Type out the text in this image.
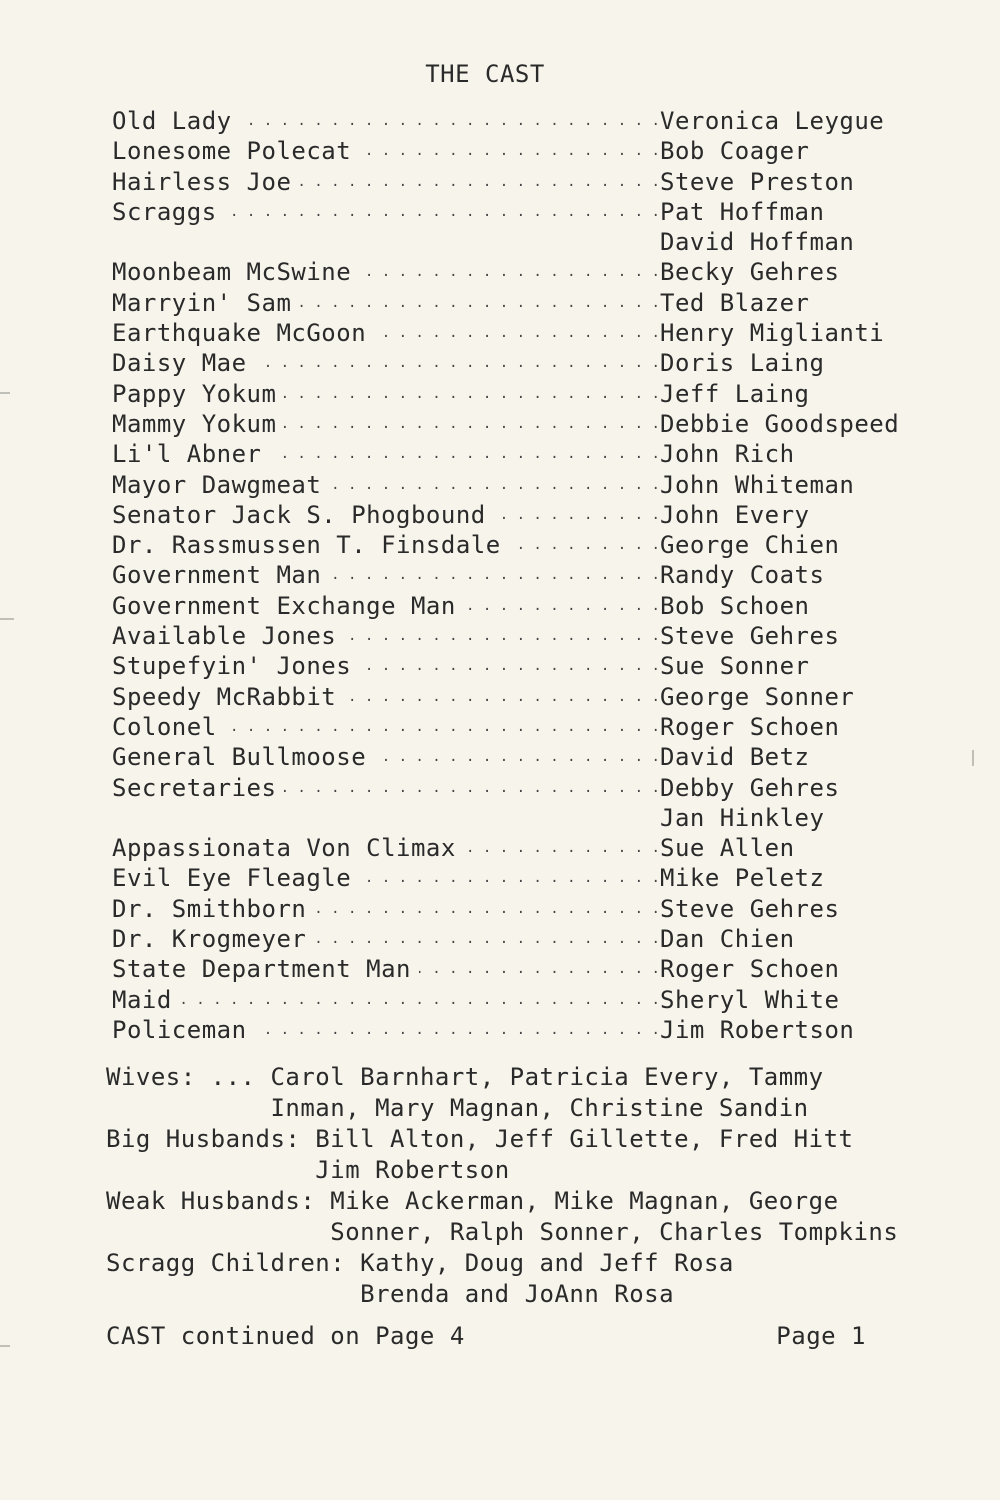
THE CAST
Old Lady . . .	Veronica Leygue
Lonesome Polecat . . .	Bob Coager
Hairless Joe . . .	Steve Preston
Scraggs . . .	Pat Hoffman
David Hoffman
Moonbeam McSwine . . .	Becky Gehres
Marryin' Sam . . .	Ted Blazer
Earthquake McGoon . . .	Henry Miglianti
Daisy Mae . . .	Doris Laing
Pappy Yokum . . .	Jeff Laing
Mammy Yokum . . .	Debbie Goodspeed
Li'l Abner . . .	John Rich
Mayor Dawgmeat . . .	John Whiteman
Senator Jack S. Phogbound . . .	John Every
Dr. Rassmussen T. Finsdale . . .	George Chien
Government Man . . .	Randy Coats
Government Exchange Man . . .	Bob Schoen
Available Jones . . .	Steve Gehres
Stupefyin' Jones . . .	Sue Sonner
Speedy McRabbit . . .	George Sonner
Colonel . . .	Roger Schoen
General Bullmoose . . .	David Betz
Secretaries . . .	Debby Gehres
Jan Hinkley
Appassionata Von Climax . . .	Sue Allen
Evil Eye Fleagle . . .	Mike Peletz
Dr. Smithborn . . .	Steve Gehres
Dr. Krogmeyer . . .	Dan Chien
State Department Man . . .	Roger Schoen
Maid . . .	Sheryl White
Policeman . . .	Jim Robertson
Wives: ... Carol Barnhart, Patricia Every, Tammy
Inman, Mary Magnan, Christine Sandin
Big Husbands: Bill Alton, Jeff Gillette, Fred Hitt
Jim Robertson
Weak Husbands: Mike Ackerman, Mike Magnan, George
Sonner, Ralph Sonner, Charles Tompkins
Scragg Children: Kathy, Doug and Jeff Rosa
Brenda and JoAnn Rosa
CAST continued on Page 4	Page 1
